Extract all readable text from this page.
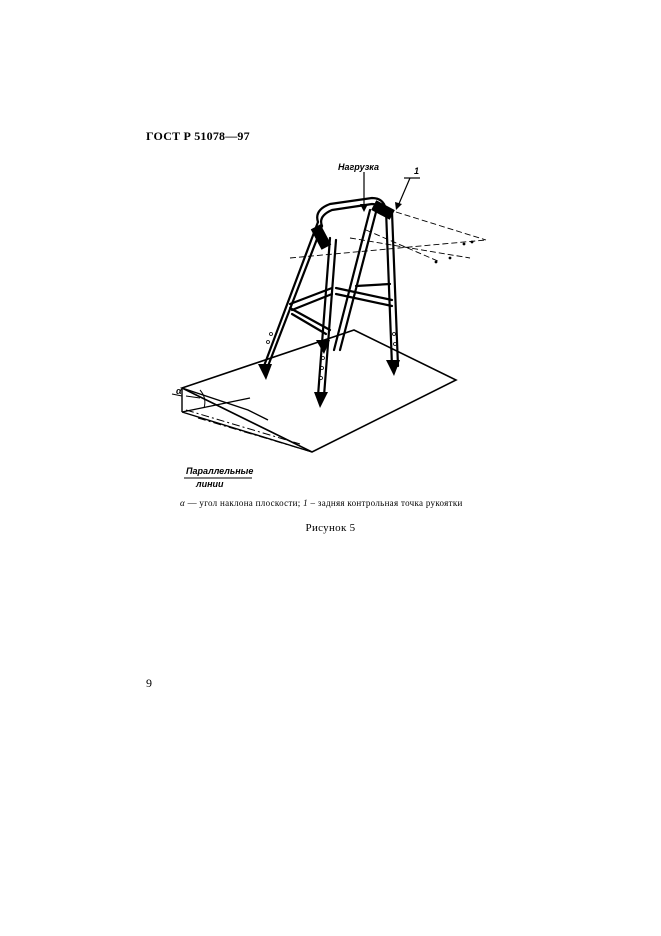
ГОСТ Р 51078—97
α
Параллельные
линии
Нагрузка	1
α — угол наклона плоскости; 1 – задняя контрольная точка рукоятки
Рисунок 5
9
